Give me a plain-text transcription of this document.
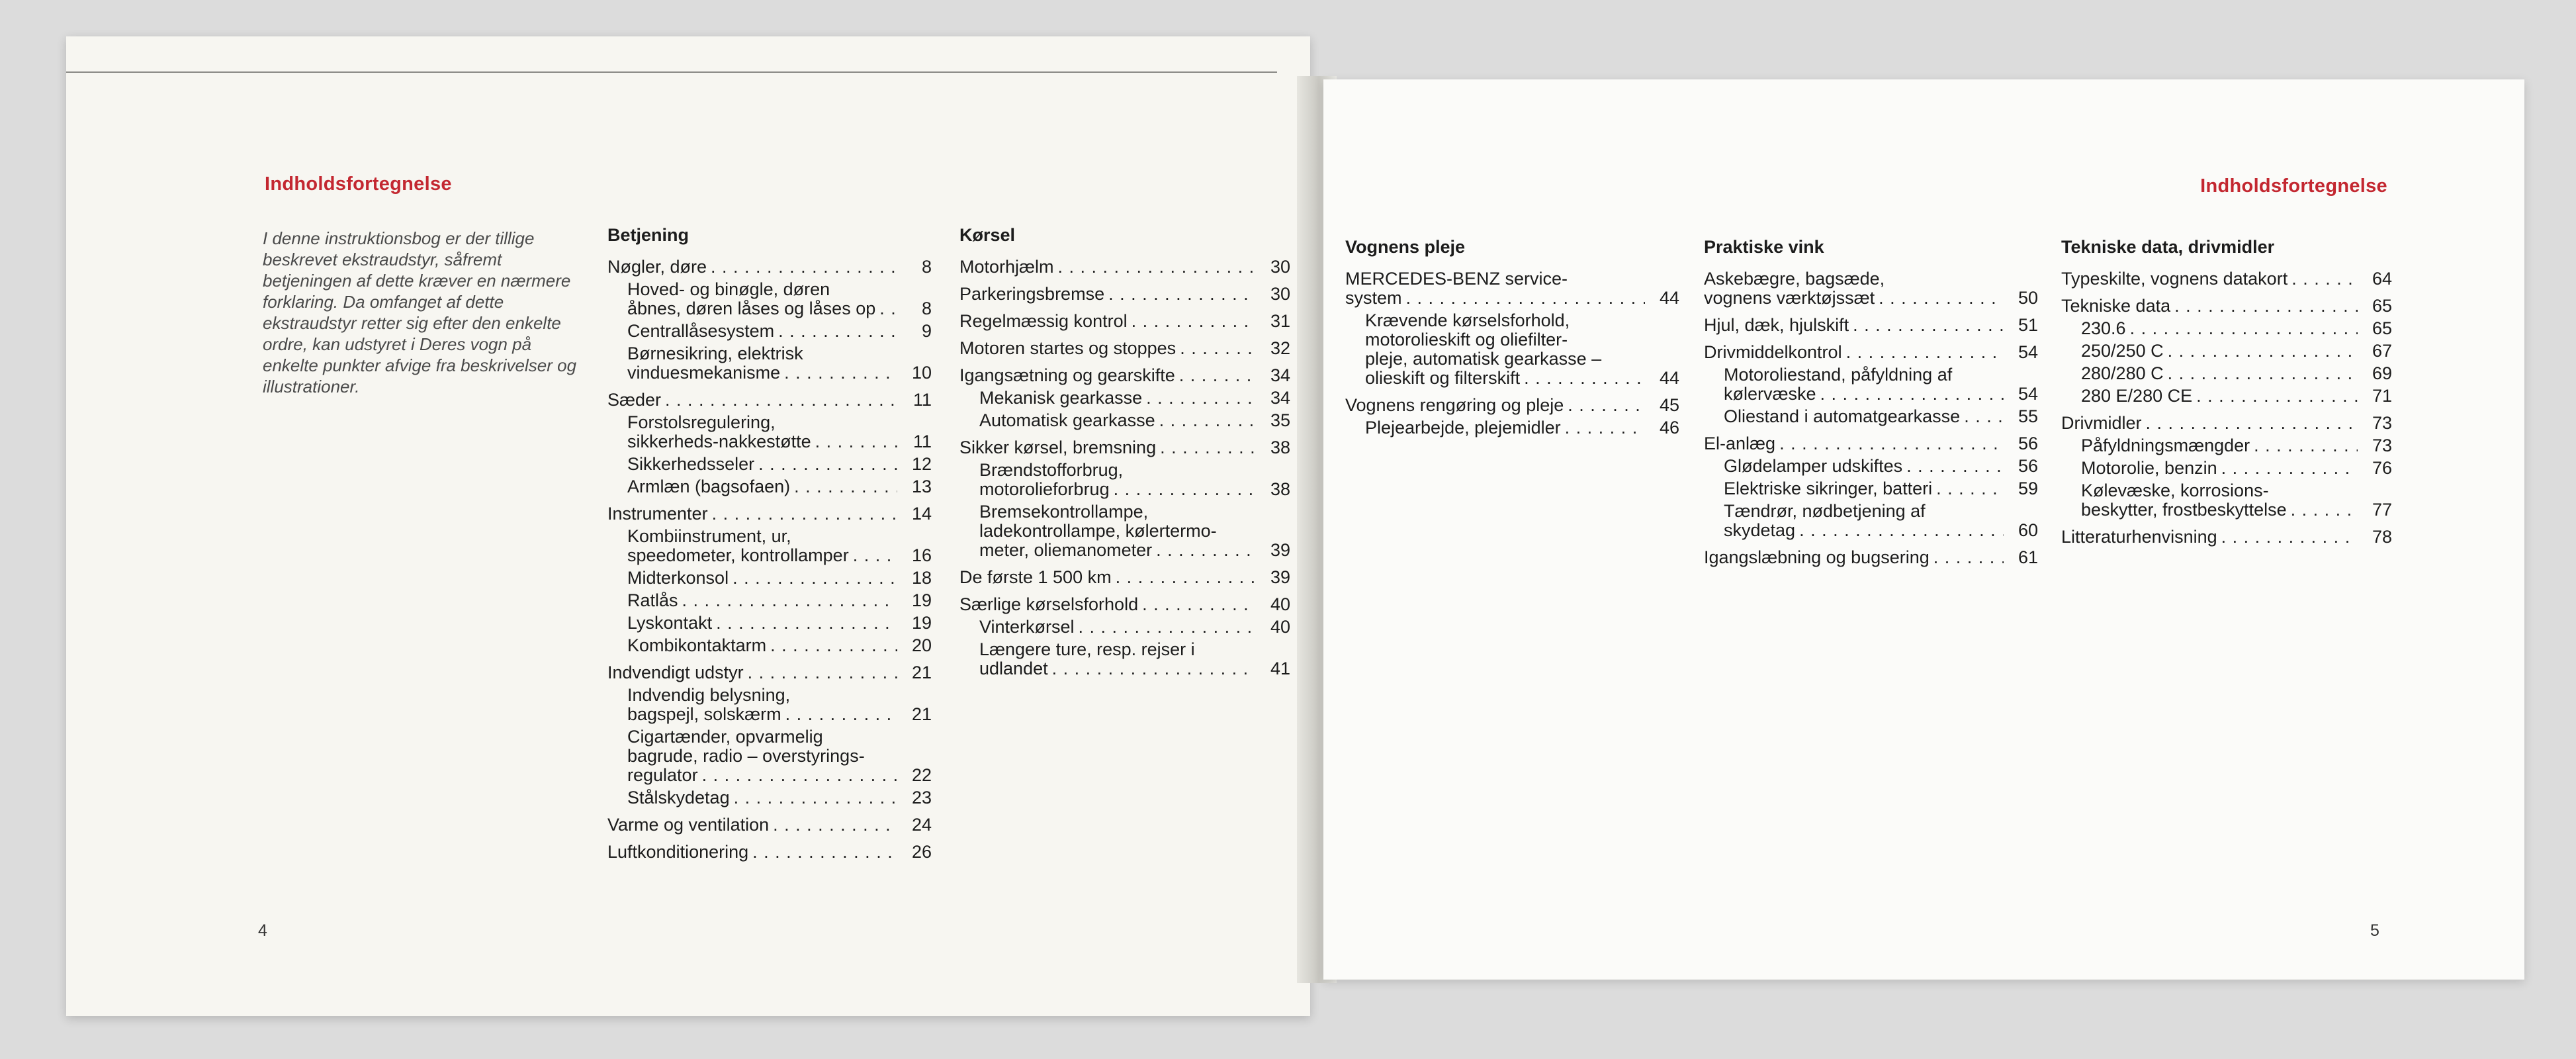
Indholdsfortegnelse	Indholdsfortegnelse
I denne instruktionsbog er der tillige beskrevet ekstraudstyr, såfremt betjeningen af dette kræver en nærmere forklaring. Da omfanget af dette ekstraudstyr retter sig efter den enkelte ordre, kan udstyret i Deres vogn på enkelte punkter afvige fra beskrivelser og illustrationer.
Betjening
Nøgler, døre . . .	8
Hoved- og binøgle, døren
åbnes, døren låses og låses op . . .	8
Centrallåsesystem . . .	9
Børnesikring, elektrisk
vinduesmekanisme . . .	10
Sæder . . .	11
Forstolsregulering,
sikkerheds-nakkestøtte . . .	11
Sikkerhedsseler . . .	12
Armlæn (bagsofaen) . . .	13
Instrumenter . . .	14
Kombiinstrument, ur,
speedometer, kontrollamper . . .	16
Midterkonsol . . .	18
Ratlås . . .	19
Lyskontakt . . .	19
Kombikontaktarm . . .	20
Indvendigt udstyr . . .	21
Indvendig belysning,
bagspejl, solskærm . . .	21
Cigartænder, opvarmelig
bagrude, radio – overstyrings-
regulator . . .	22
Stålskydetag . . .	23
Varme og ventilation . . .	24
Luftkonditionering . . .	26
Kørsel
Motorhjælm . . .	30
Parkeringsbremse . . .	30
Regelmæssig kontrol . . .	31
Motoren startes og stoppes . . .	32
Igangsætning og gearskifte . . .	34
Mekanisk gearkasse . . .	34
Automatisk gearkasse . . .	35
Sikker kørsel, bremsning . . .	38
Brændstofforbrug,
motorolieforbrug . . .	38
Bremsekontrollampe,
ladekontrollampe, kølertermo-
meter, oliemanometer . . .	39
De første 1 500 km . . .	39
Særlige kørselsforhold . . .	40
Vinterkørsel . . .	40
Længere ture, resp. rejser i
udlandet . . .	41
Vognens pleje
MERCEDES-BENZ service-
system . . .	44
Krævende kørselsforhold,
motorolieskift og oliefilter-
pleje, automatisk gearkasse –
olieskift og filterskift . . .	44
Vognens rengøring og pleje . . .	45
Plejearbejde, plejemidler . . .	46
Praktiske vink
Askebægre, bagsæde,
vognens værktøjssæt . . .	50
Hjul, dæk, hjulskift . . .	51
Drivmiddelkontrol . . .	54
Motoroliestand, påfyldning af
kølervæske . . .	54
Oliestand i automatgearkasse . . .	55
El-anlæg . . .	56
Glødelamper udskiftes . . .	56
Elektriske sikringer, batteri . . .	59
Tændrør, nødbetjening af
skydetag . . .	60
Igangslæbning og bugsering . . .	61
Tekniske data, drivmidler
Typeskilte, vognens datakort . . .	64
Tekniske data . . .	65
230.6 . . .	65
250/250 C . . .	67
280/280 C . . .	69
280 E/280 CE . . .	71
Drivmidler . . .	73
Påfyldningsmængder . . .	73
Motorolie, benzin . . .	76
Kølevæske, korrosions-
beskytter, frostbeskyttelse . . .	77
Litteraturhenvisning . . .	78
4	5
